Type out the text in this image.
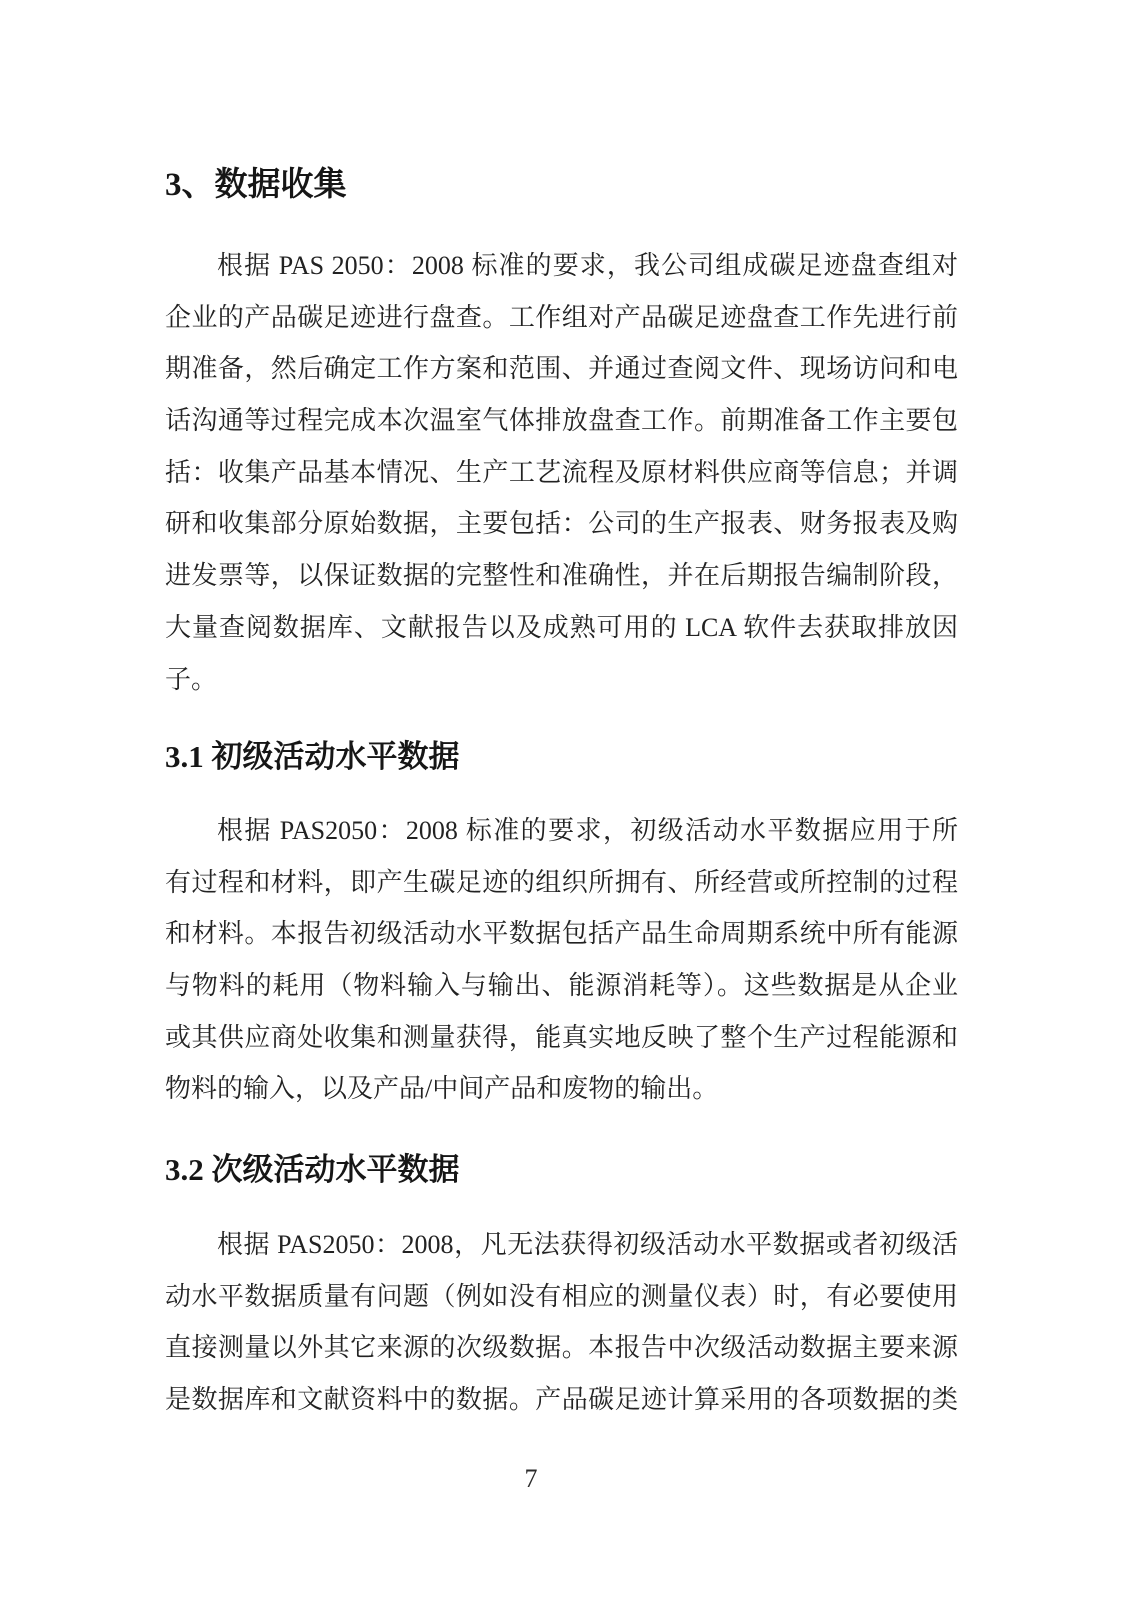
3、数据收集
根据 PAS 2050：2008 标准的要求，我公司组成碳足迹盘查组对
企业的产品碳足迹进行盘查。工作组对产品碳足迹盘查工作先进行前
期准备，然后确定工作方案和范围、并通过查阅文件、现场访问和电
话沟通等过程完成本次温室气体排放盘查工作。前期准备工作主要包
括：收集产品基本情况、生产工艺流程及原材料供应商等信息；并调
研和收集部分原始数据，主要包括：公司的生产报表、财务报表及购
进发票等，以保证数据的完整性和准确性，并在后期报告编制阶段，
大量查阅数据库、文献报告以及成熟可用的 LCA 软件去获取排放因
子。
3.1 初级活动水平数据
根据 PAS2050：2008 标准的要求，初级活动水平数据应用于所
有过程和材料，即产生碳足迹的组织所拥有、所经营或所控制的过程
和材料。本报告初级活动水平数据包括产品生命周期系统中所有能源
与物料的耗用（物料输入与输出、能源消耗等）。这些数据是从企业
或其供应商处收集和测量获得，能真实地反映了整个生产过程能源和
物料的输入，以及产品/中间产品和废物的输出。
3.2 次级活动水平数据
根据 PAS2050：2008，凡无法获得初级活动水平数据或者初级活
动水平数据质量有问题（例如没有相应的测量仪表）时，有必要使用
直接测量以外其它来源的次级数据。本报告中次级活动数据主要来源
是数据库和文献资料中的数据。产品碳足迹计算采用的各项数据的类
7
